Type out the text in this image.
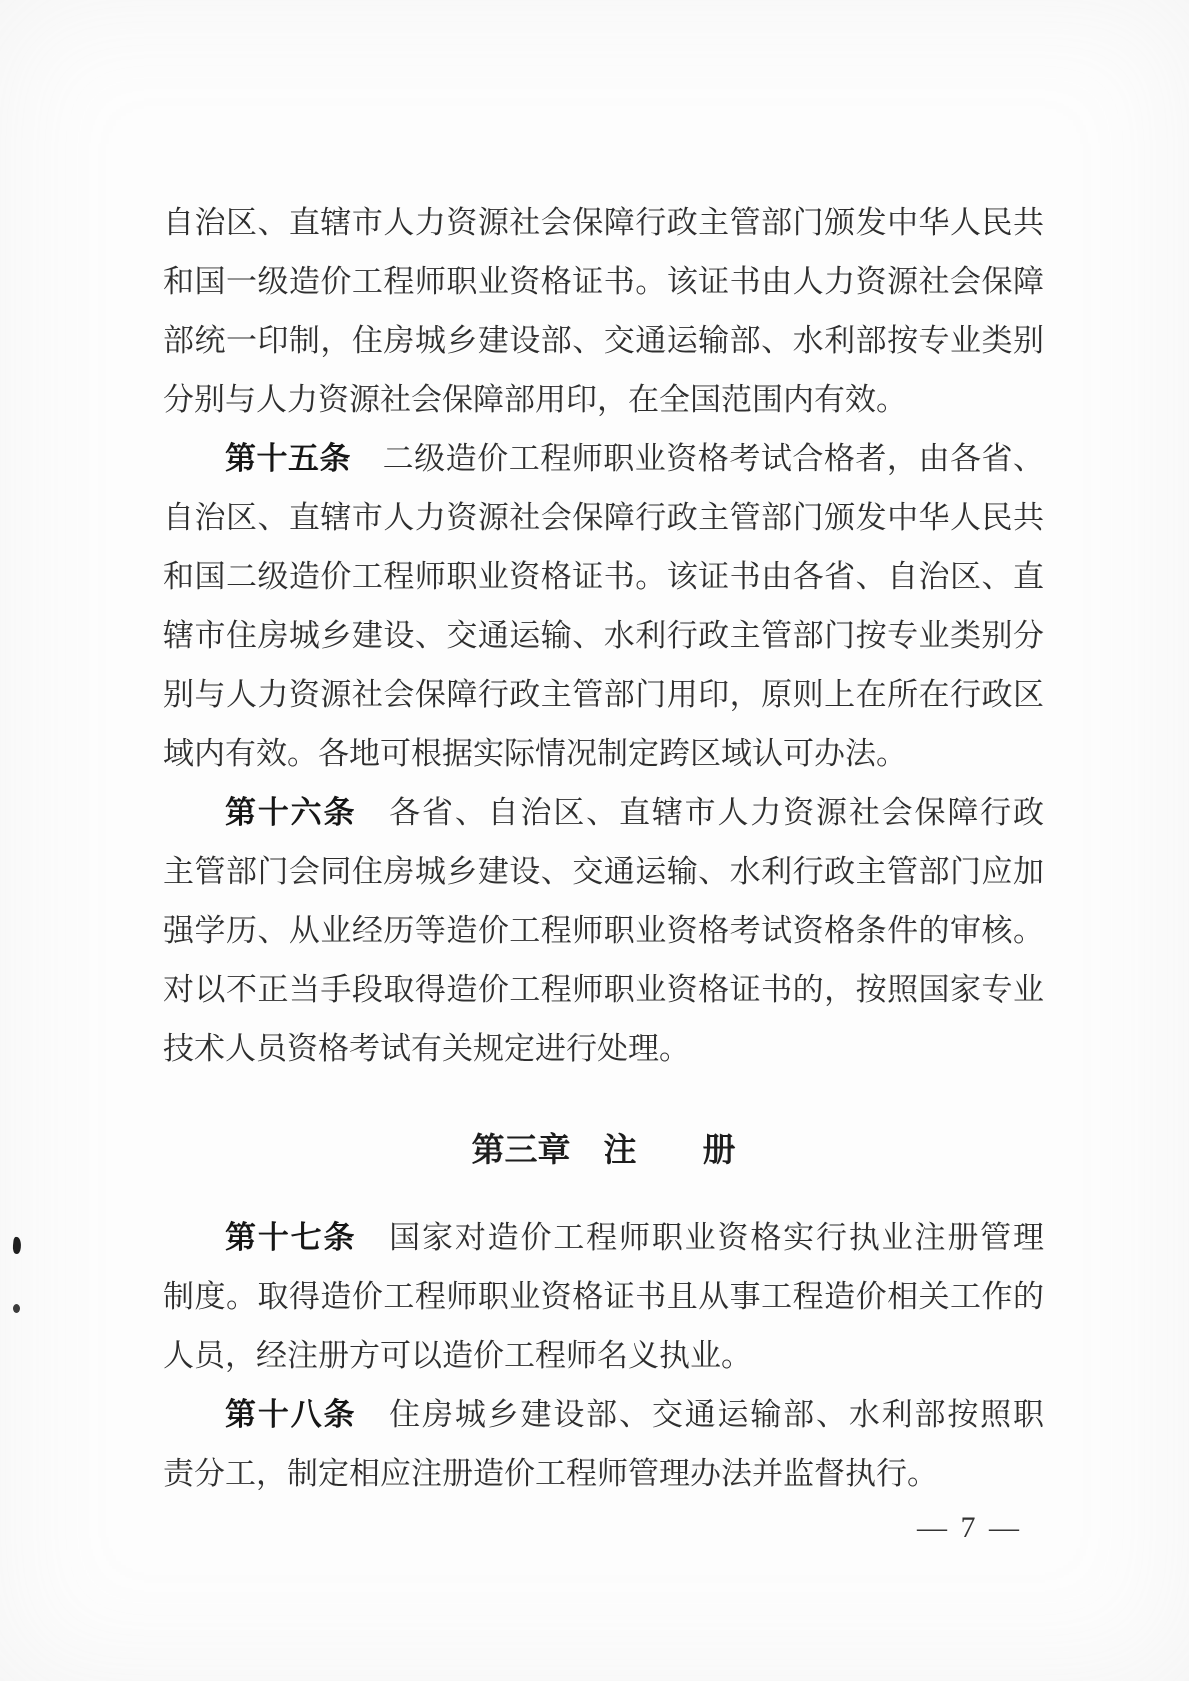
自治区、直辖市人力资源社会保障行政主管部门颁发中华人民共
和国一级造价工程师职业资格证书。该证书由人力资源社会保障
部统一印制，住房城乡建设部、交通运输部、水利部按专业类别
分别与人力资源社会保障部用印，在全国范围内有效。
第十五条　二级造价工程师职业资格考试合格者，由各省、
自治区、直辖市人力资源社会保障行政主管部门颁发中华人民共
和国二级造价工程师职业资格证书。该证书由各省、自治区、直
辖市住房城乡建设、交通运输、水利行政主管部门按专业类别分
别与人力资源社会保障行政主管部门用印，原则上在所在行政区
域内有效。各地可根据实际情况制定跨区域认可办法。
第十六条　各省、自治区、直辖市人力资源社会保障行政
主管部门会同住房城乡建设、交通运输、水利行政主管部门应加
强学历、从业经历等造价工程师职业资格考试资格条件的审核。
对以不正当手段取得造价工程师职业资格证书的，按照国家专业
技术人员资格考试有关规定进行处理。
第三章　注　　册
第十七条　国家对造价工程师职业资格实行执业注册管理
制度。取得造价工程师职业资格证书且从事工程造价相关工作的
人员，经注册方可以造价工程师名义执业。
第十八条　住房城乡建设部、交通运输部、水利部按照职
责分工，制定相应注册造价工程师管理办法并监督执行。
— 7 —
